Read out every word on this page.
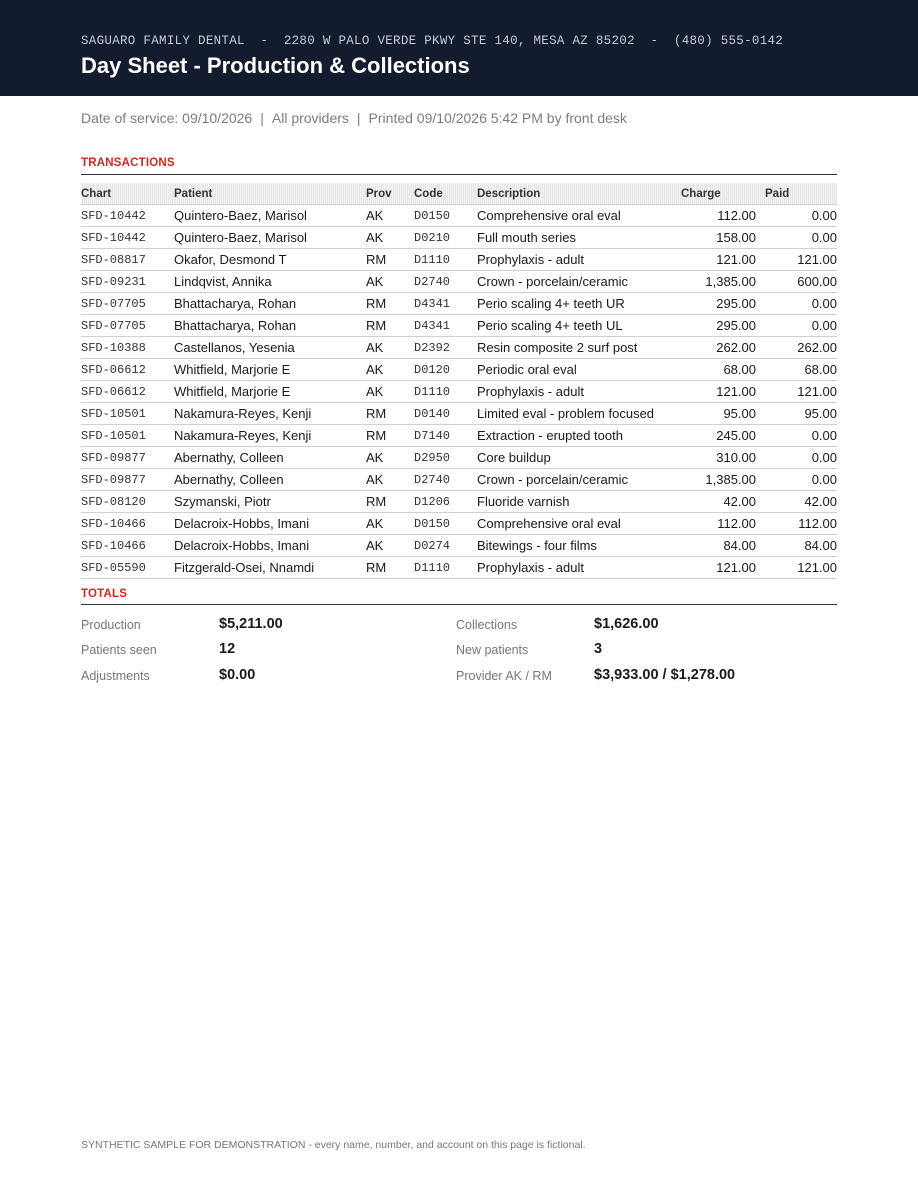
SAGUARO FAMILY DENTAL  -  2280 W PALO VERDE PKWY STE 140, MESA AZ 85202  -  (480) 555-0142
Day Sheet - Production & Collections
Date of service: 09/10/2026 | All providers | Printed 09/10/2026 5:42 PM by front desk
TRANSACTIONS
Chart	Patient	Prov	Code	Description	Charge	Paid
SFD-10442	Quintero-Baez, Marisol	AK	D0150	Comprehensive oral eval	112.00	0.00
SFD-10442	Quintero-Baez, Marisol	AK	D0210	Full mouth series	158.00	0.00
SFD-08817	Okafor, Desmond T	RM	D1110	Prophylaxis - adult	121.00	121.00
SFD-09231	Lindqvist, Annika	AK	D2740	Crown - porcelain/ceramic	1,385.00	600.00
SFD-07705	Bhattacharya, Rohan	RM	D4341	Perio scaling 4+ teeth UR	295.00	0.00
SFD-07705	Bhattacharya, Rohan	RM	D4341	Perio scaling 4+ teeth UL	295.00	0.00
SFD-10388	Castellanos, Yesenia	AK	D2392	Resin composite 2 surf post	262.00	262.00
SFD-06612	Whitfield, Marjorie E	AK	D0120	Periodic oral eval	68.00	68.00
SFD-06612	Whitfield, Marjorie E	AK	D1110	Prophylaxis - adult	121.00	121.00
SFD-10501	Nakamura-Reyes, Kenji	RM	D0140	Limited eval - problem focused	95.00	95.00
SFD-10501	Nakamura-Reyes, Kenji	RM	D7140	Extraction - erupted tooth	245.00	0.00
SFD-09877	Abernathy, Colleen	AK	D2950	Core buildup	310.00	0.00
SFD-09877	Abernathy, Colleen	AK	D2740	Crown - porcelain/ceramic	1,385.00	0.00
SFD-08120	Szymanski, Piotr	RM	D1206	Fluoride varnish	42.00	42.00
SFD-10466	Delacroix-Hobbs, Imani	AK	D0150	Comprehensive oral eval	112.00	112.00
SFD-10466	Delacroix-Hobbs, Imani	AK	D0274	Bitewings - four films	84.00	84.00
SFD-05590	Fitzgerald-Osei, Nnamdi	RM	D1110	Prophylaxis - adult	121.00	121.00
TOTALS
Production	$5,211.00	Collections	$1,626.00
Patients seen	12	New patients	3
Adjustments	$0.00	Provider AK / RM	$3,933.00 / $1,278.00
SYNTHETIC SAMPLE FOR DEMONSTRATION - every name, number, and account on this page is fictional.
